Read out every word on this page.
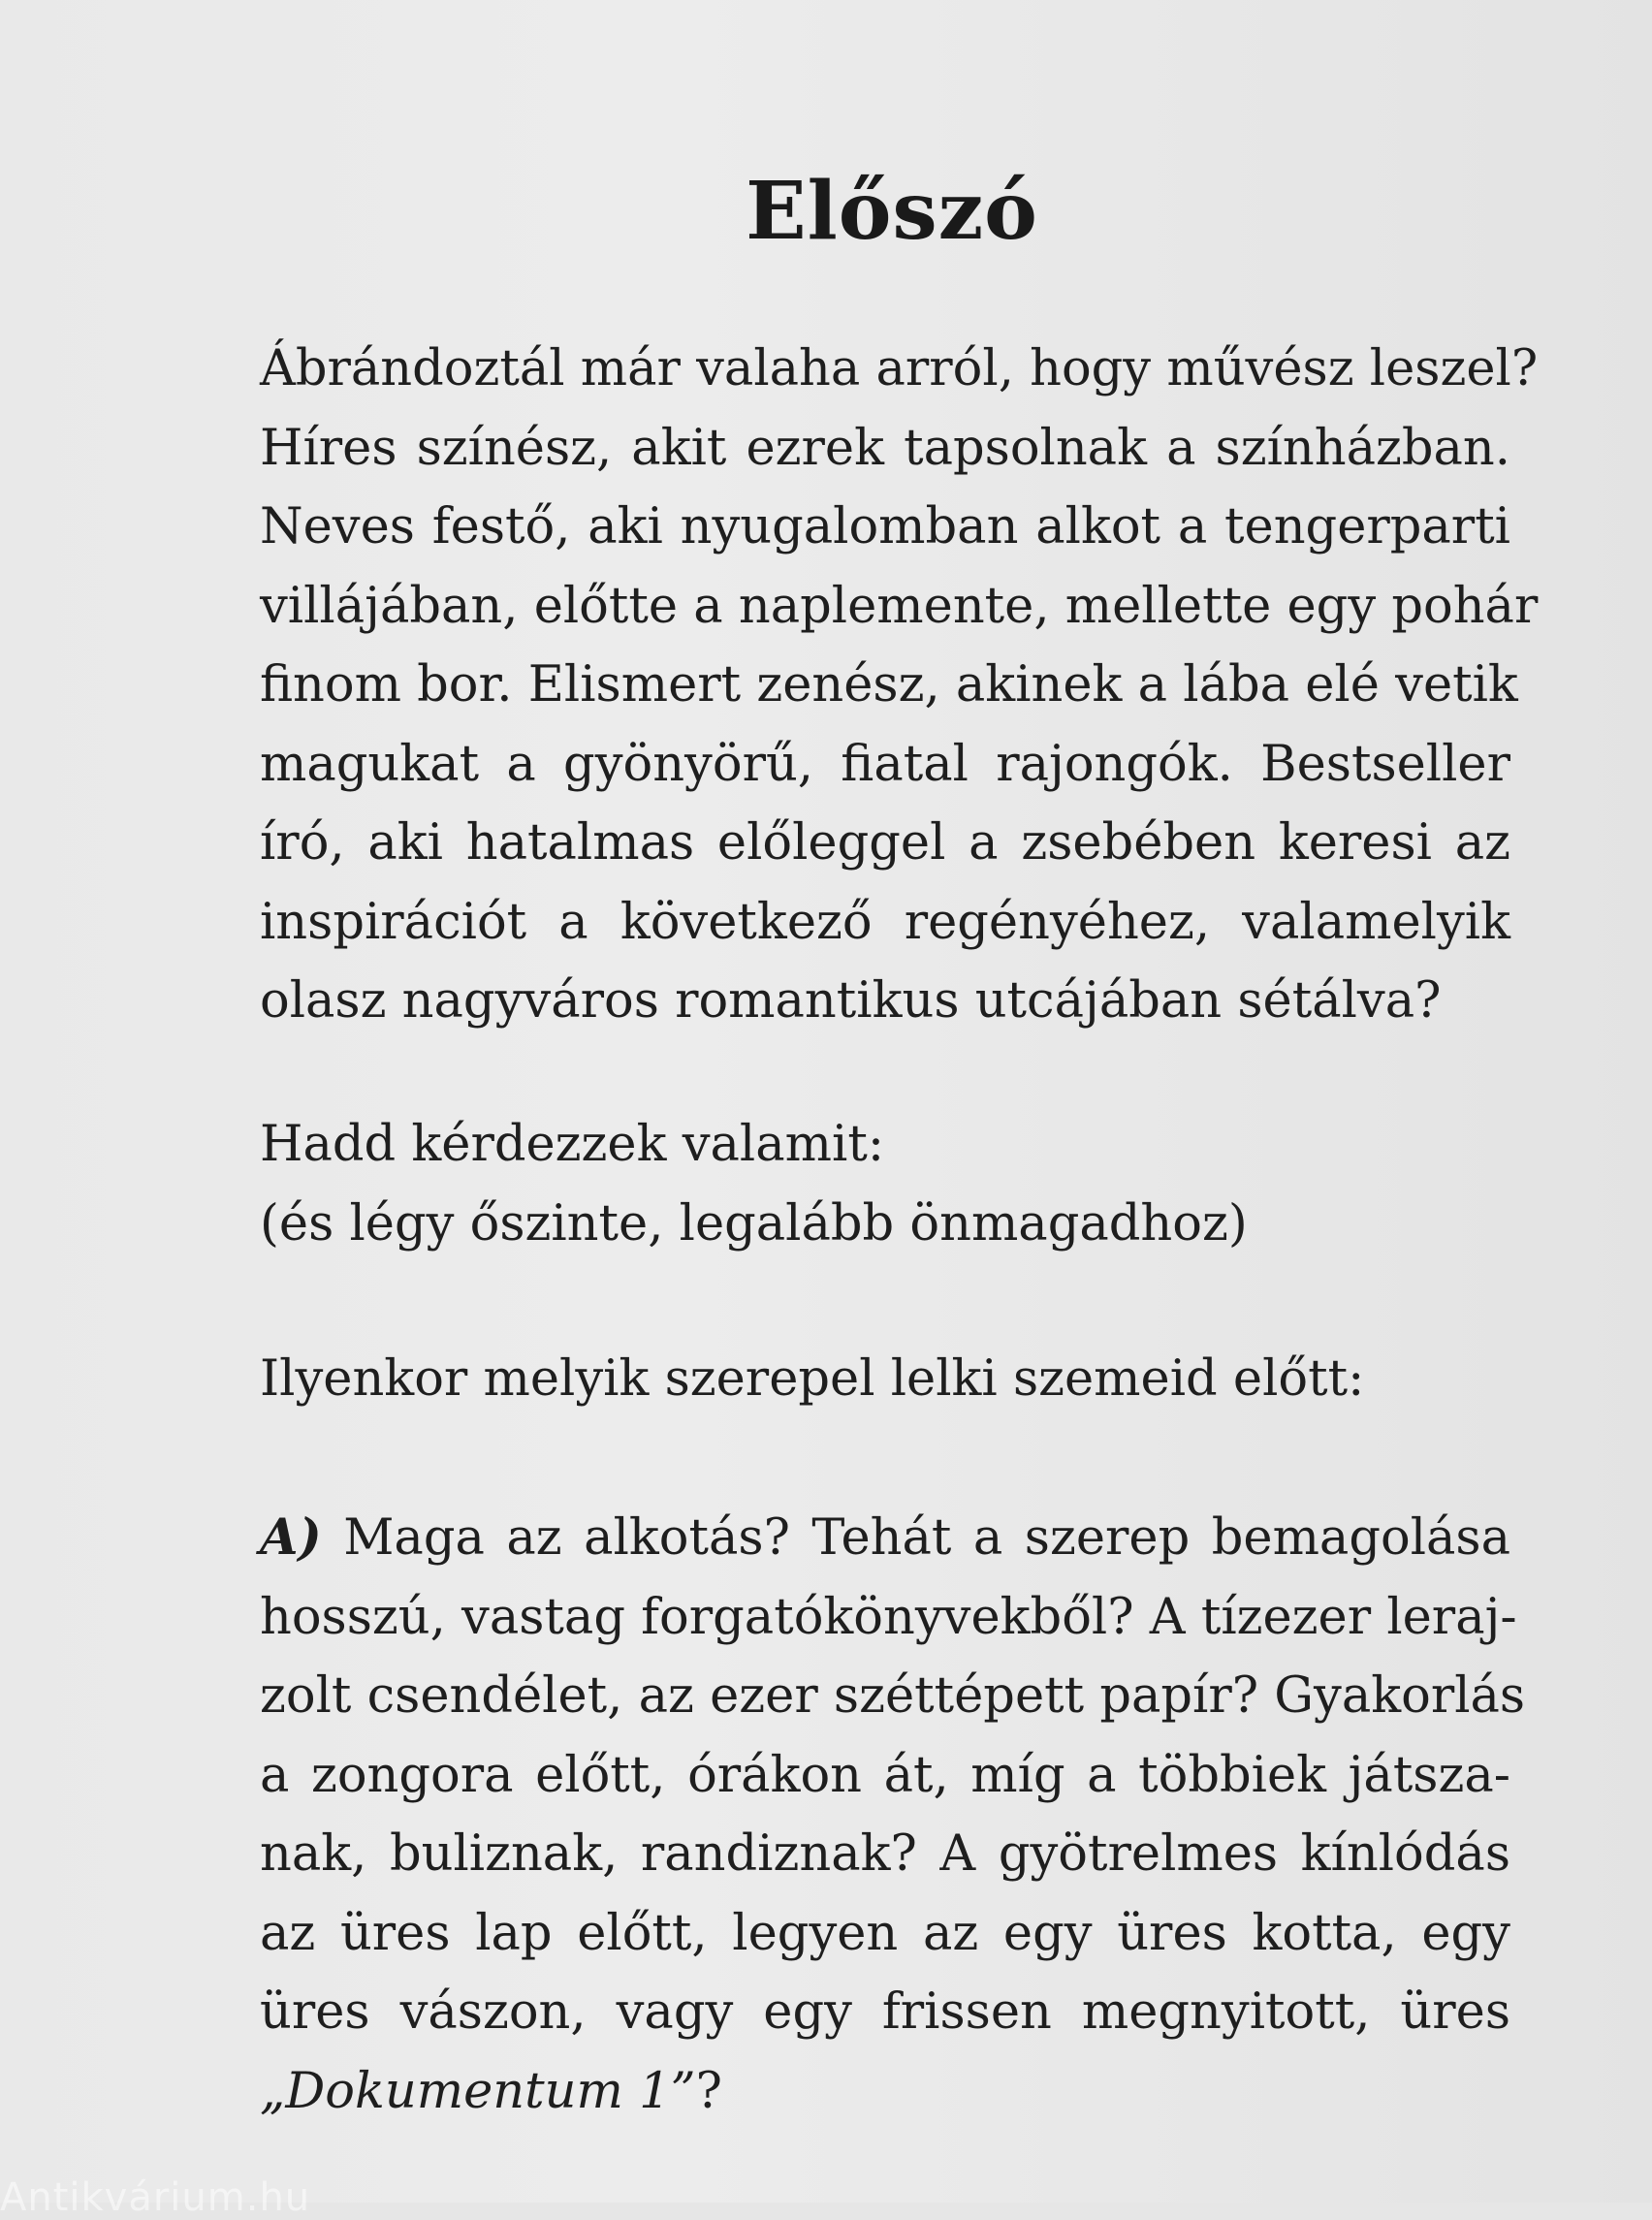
Előszó
Ábrándoztál már valaha arról, hogy művész leszel?
Híres színész, akit ezrek tapsolnak a színházban.
Neves festő, aki nyugalomban alkot a tengerparti
villájában, előtte a naplemente, mellette egy pohár
finom bor. Elismert zenész, akinek a lába elé vetik
magukat a gyönyörű, fiatal rajongók. Bestseller
író, aki hatalmas előleggel a zsebében keresi az
inspirációt a következő regényéhez, valamelyik
olasz nagyváros romantikus utcájában sétálva?
Hadd kérdezzek valamit:
(és légy őszinte, legalább önmagadhoz)
Ilyenkor melyik szerepel lelki szemeid előtt:
A) Maga az alkotás? Tehát a szerep bemagolása
hosszú, vastag forgatókönyvekből? A tízezer leraj-
zolt csendélet, az ezer széttépett papír? Gyakorlás
a zongora előtt, órákon át, míg a többiek játsza-
nak, buliznak, randiznak? A gyötrelmes kínlódás
az üres lap előtt, legyen az egy üres kotta, egy
üres vászon, vagy egy frissen megnyitott, üres
„Dokumentum 1”?
Antikvárium.hu
